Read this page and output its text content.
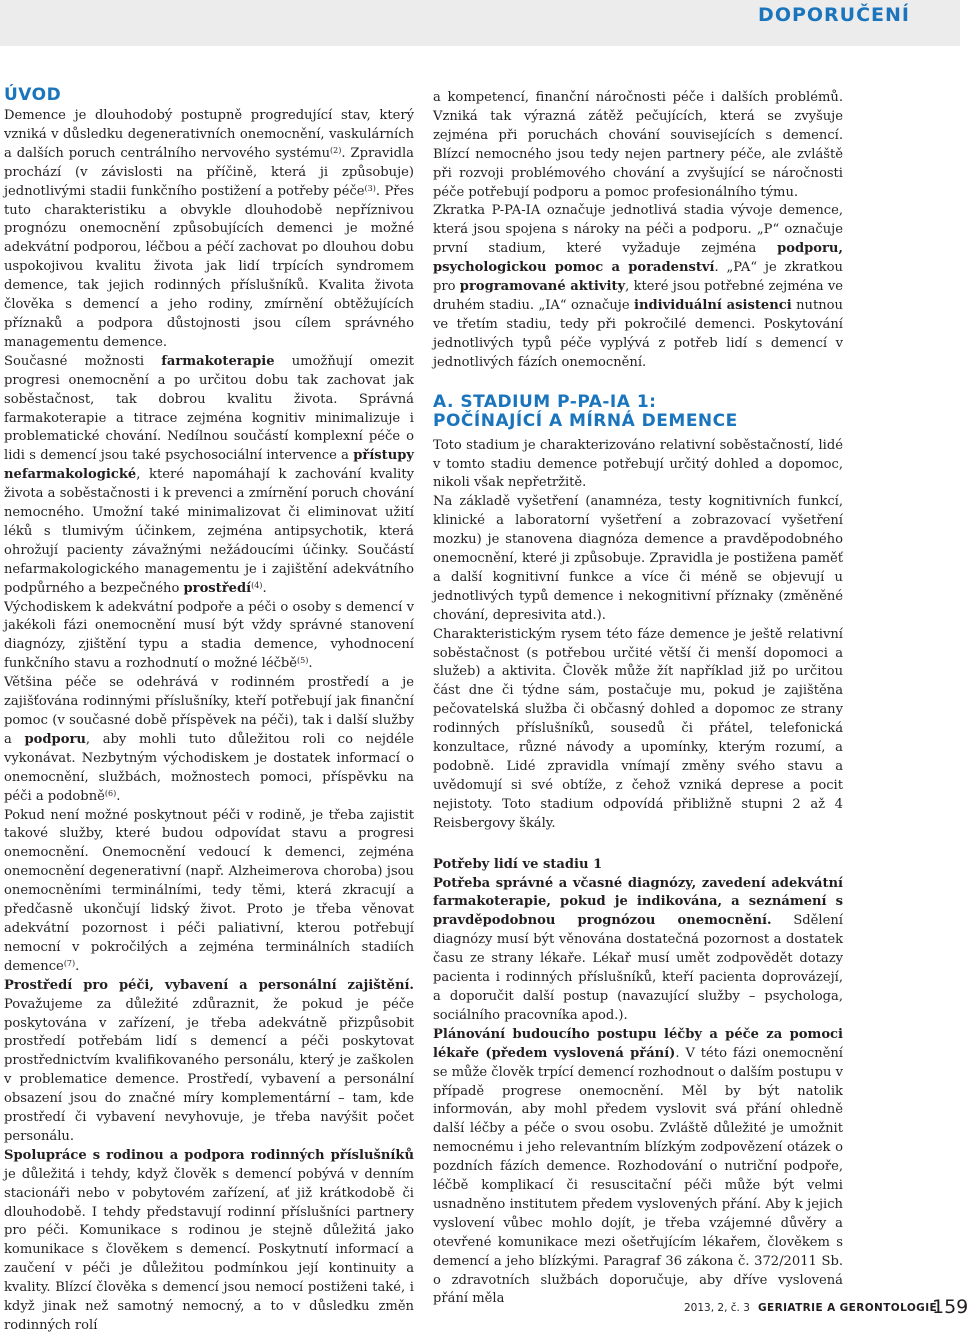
DOPORUČENÍ
ÚVOD

Demence je dlouhodobý postupně progredující stav, který vzniká v důsledku degenerativních onemocnění, vaskulárních a dalších poruch centrálního nervového systému$^{(2)}$. Zpravidla prochází (v závislosti na příčině, která ji způsobuje) jednotlivými stadii funkčního postižení a potřeby péče$^{(3)}$. Přes tuto charakteristiku a obvykle dlouhodobě nepříznivou prognózu onemocnění způsobujících demenci je možné adekvátní podporou, léčbou a péčí zachovat po dlouhou dobu uspokojivou kvalitu života jak lidí trpících syndromem demence, tak jejich rodinných příslušníků. Kvalita života člověka s demencí a jeho rodiny, zmírnění obtěžujících příznaků a podpora důstojnosti jsou cílem správného managementu demence.

Současné možnosti farmakoterapie umožňují omezit progresi onemocnění a po určitou dobu tak zachovat jak soběstačnost, tak dobrou kvalitu života. Správná farmakoterapie a titrace zejména kognitiv minimalizuje i problematické chování. Nedílnou součástí komplexní péče o lidi s demencí jsou také psychosociální intervence a přístupy nefarmakologické, které napomáhají k zachování kvality života a soběstačnosti i k prevenci a zmírnění poruch chování nemocného. Umožní také minimalizovat či eliminovat užití léků s tlumivým účinkem, zejména antipsychotik, která ohrožují pacienty závažnými nežádoucími účinky. Součástí nefarmakologického managementu je i zajištění adekvátního podpůrného a bezpečného prostředí$^{(4)}$.

Východiskem k adekvátní podpoře a péči o osoby s demencí v jakékoli fázi onemocnění musí být vždy správné stanovení diagnózy, zjištění typu a stadia demence, vyhodnocení funkčního stavu a rozhodnutí o možné léčbě$^{(5)}$.

Většina péče se odehrává v rodinném prostředí a je zajišťována rodinnými příslušníky, kteří potřebují jak finanční pomoc (v současné době příspěvek na péči), tak i další služby a podporu, aby mohli tuto důležitou roli co nejdéle vykonávat. Nezbytným východiskem je dostatek informací o onemocnění, službách, možnostech pomoci, příspěvku na péči a podobně$^{(6)}$.

Pokud není možné poskytnout péči v rodině, je třeba zajistit takové služby, které budou odpovídat stavu a progresi onemocnění. Onemocnění vedoucí k demenci, zejména onemocnění degenerativní (např. Alzheimerova choroba) jsou onemocněními terminálními, tedy těmi, která zkracují a předčasně ukončují lidský život. Proto je třeba věnovat adekvátní pozornost i péči paliativní, kterou potřebují nemocní v pokročilých a zejména terminálních stadiích demence$^{(7)}$.

Prostředí pro péči, vybavení a personální zajištění. Považujeme za důležité zdůraznit, že pokud je péče poskytována v zařízení, je třeba adekvátně přizpůsobit prostředí potřebám lidí s demencí a péči poskytovat prostřednictvím kvalifikovaného personálu, který je zaškolen v problematice demence. Prostředí, vybavení a personální obsazení jsou do značné míry komplementární – tam, kde prostředí či vybavení nevyhovuje, je třeba navýšit počet personálu.

Spolupráce s rodinou a podpora rodinných příslušníků je důležitá i tehdy, když člověk s demencí pobývá v denním stacionáři nebo v pobytovém zařízení, ať již krátkodobě či dlouhodobě. I tehdy představují rodinní příslušníci partnery pro péči. Komunikace s rodinou je stejně důležitá jako komunikace s člověkem s demencí. Poskytnutí informací a zaučení v péči je důležitou podmínkou její kontinuity a kvality. Blízcí člověka s demencí jsou nemocí postiženi také, i když jinak než samotný nemocný, a to v důsledku změn rodinných rolí

a kompetencí, finanční náročnosti péče i dalších problémů. Vzniká tak výrazná zátěž pečujících, která se zvyšuje zejména při poruchách chování souvisejících s demencí. Blízcí nemocného jsou tedy nejen partnery péče, ale zvláště při rozvoji problémového chování a zvyšující se náročnosti péče potřebují podporu a pomoc profesionálního týmu.

Zkratka P-PA-IA označuje jednotlivá stadia vývoje demence, která jsou spojena s nároky na péči a podporu. „P“ označuje první stadium, které vyžaduje zejména podporu, psychologickou pomoc a poradenství. „PA“ je zkratkou pro programované aktivity, které jsou potřebné zejména ve druhém stadiu. „IA“ označuje individuální asistenci nutnou ve třetím stadiu, tedy při pokročilé demenci. Poskytování jednotlivých typů péče vyplývá z potřeb lidí s demencí v jednotlivých fázích onemocnění.

A. STADIUM P-PA-IA 1:
POČÍNAJÍCÍ A MÍRNÁ DEMENCE

Toto stadium je charakterizováno relativní soběstačností, lidé v tomto stadiu demence potřebují určitý dohled a dopomoc, nikoli však nepřetržitě.

Na základě vyšetření (anamnéza, testy kognitivních funkcí, klinické a laboratorní vyšetření a zobrazovací vyšetření mozku) je stanovena diagnóza demence a pravděpodobného onemocnění, které ji způsobuje. Zpravidla je postižena paměť a další kognitivní funkce a více či méně se objevují u jednotlivých typů demence i nekognitivní příznaky (změněné chování, depresivita atd.).

Charakteristickým rysem této fáze demence je ještě relativní soběstačnost (s potřebou určité větší či menší dopomoci a služeb) a aktivita. Člověk může žít například již po určitou část dne či týdne sám, postačuje mu, pokud je zajištěna pečovatelská služba či občasný dohled a dopomoc ze strany rodinných příslušníků, sousedů či přátel, telefonická konzultace, různé návody a upomínky, kterým rozumí, a podobně. Lidé zpravidla vnímají změny svého stavu a uvědomují si své obtíže, z čehož vzniká deprese a pocit nejistoty. Toto stadium odpovídá přibližně stupni 2 až 4 Reisbergovy škály.

Potřeby lidí ve stadiu 1

Potřeba správné a včasné diagnózy, zavedení adekvátní farmakoterapie, pokud je indikována, a seznámení s pravděpodobnou prognózou onemocnění. Sdělení diagnózy musí být věnována dostatečná pozornost a dostatek času ze strany lékaře. Lékař musí umět zodpovědět dotazy pacienta i rodinných příslušníků, kteří pacienta doprovázejí, a doporučit další postup (navazující služby – psychologa, sociálního pracovníka apod.).

Plánování budoucího postupu léčby a péče za pomoci lékaře (předem vyslovená přání). V této fázi onemocnění se může člověk trpící demencí rozhodnout o dalším postupu v případě progrese onemocnění. Měl by být natolik informován, aby mohl předem vyslovit svá přání ohledně další léčby a péče o svou osobu. Zvláště důležité je umožnit nemocnému i jeho relevantním blízkým zodpovězení otázek o pozdních fázích demence. Rozhodování o nutriční podpoře, léčbě komplikací či resuscitační péči může být velmi usnadněno institutem předem vyslovených přání. Aby k jejich vyslovení vůbec mohlo dojít, je třeba vzájemné důvěry a otevřené komunikace mezi ošetřujícím lékařem, člověkem s demencí a jeho blízkými. Paragraf 36 zákona č. 372/2011 Sb. o zdravotních službách doporučuje, aby dříve vyslovená přání měla

2013, 2, č. 3 GERIATRIE A GERONTOLOGIE
159
